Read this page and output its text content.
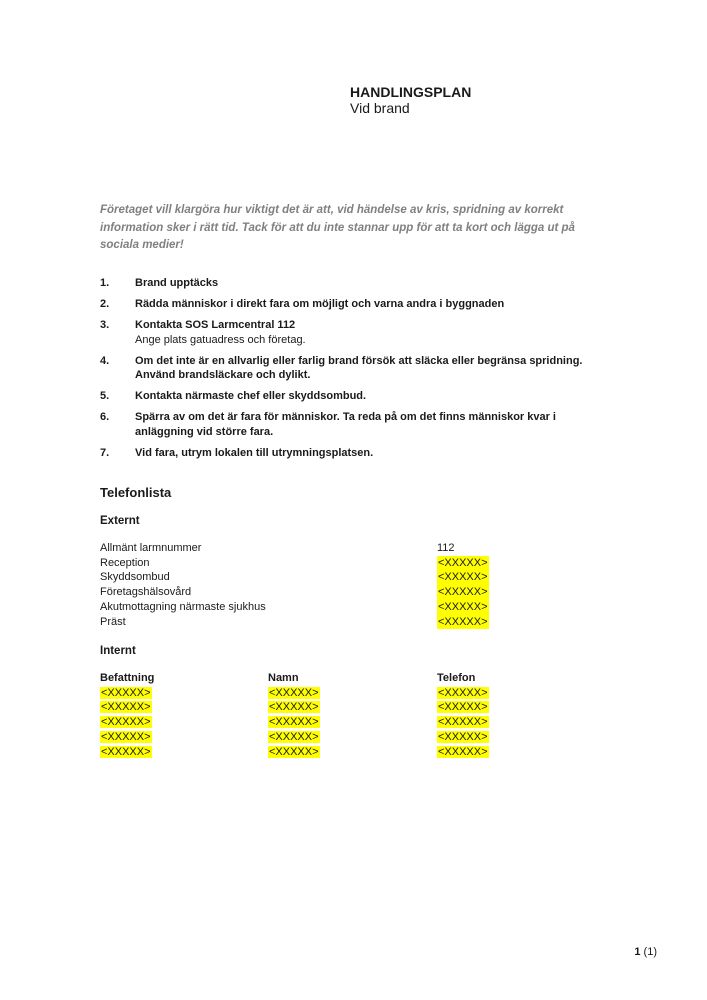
HANDLINGSPLAN
Vid brand
Företaget vill klargöra hur viktigt det är att, vid händelse av kris, spridning av korrekt information sker i rätt tid. Tack för att du inte stannar upp för att ta kort och lägga ut på sociala medier!
1. Brand upptäcks
2. Rädda människor i direkt fara om möjligt och varna andra i byggnaden
3. Kontakta SOS Larmcentral 112
Ange plats gatuadress och företag.
4. Om det inte är en allvarlig eller farlig brand försök att släcka eller begränsa spridning. Använd brandsläckare och dylikt.
5. Kontakta närmaste chef eller skyddsombud.
6. Spärra av om det är fara för människor. Ta reda på om det finns människor kvar i anläggning vid större fara.
7. Vid fara, utrym lokalen till utrymningsplatsen.
Telefonlista
Externt
Allmänt larmnummer	112
Reception	<XXXXX>
Skyddsombud	<XXXXX>
Företagshälsovård	<XXXXX>
Akutmottagning närmaste sjukhus	<XXXXX>
Präst	<XXXXX>
Internt
Befattning	Namn	Telefon
<XXXXX>	<XXXXX>	<XXXXX>
<XXXXX>	<XXXXX>	<XXXXX>
<XXXXX>	<XXXXX>	<XXXXX>
<XXXXX>	<XXXXX>	<XXXXX>
<XXXXX>	<XXXXX>	<XXXXX>
1 (1)
